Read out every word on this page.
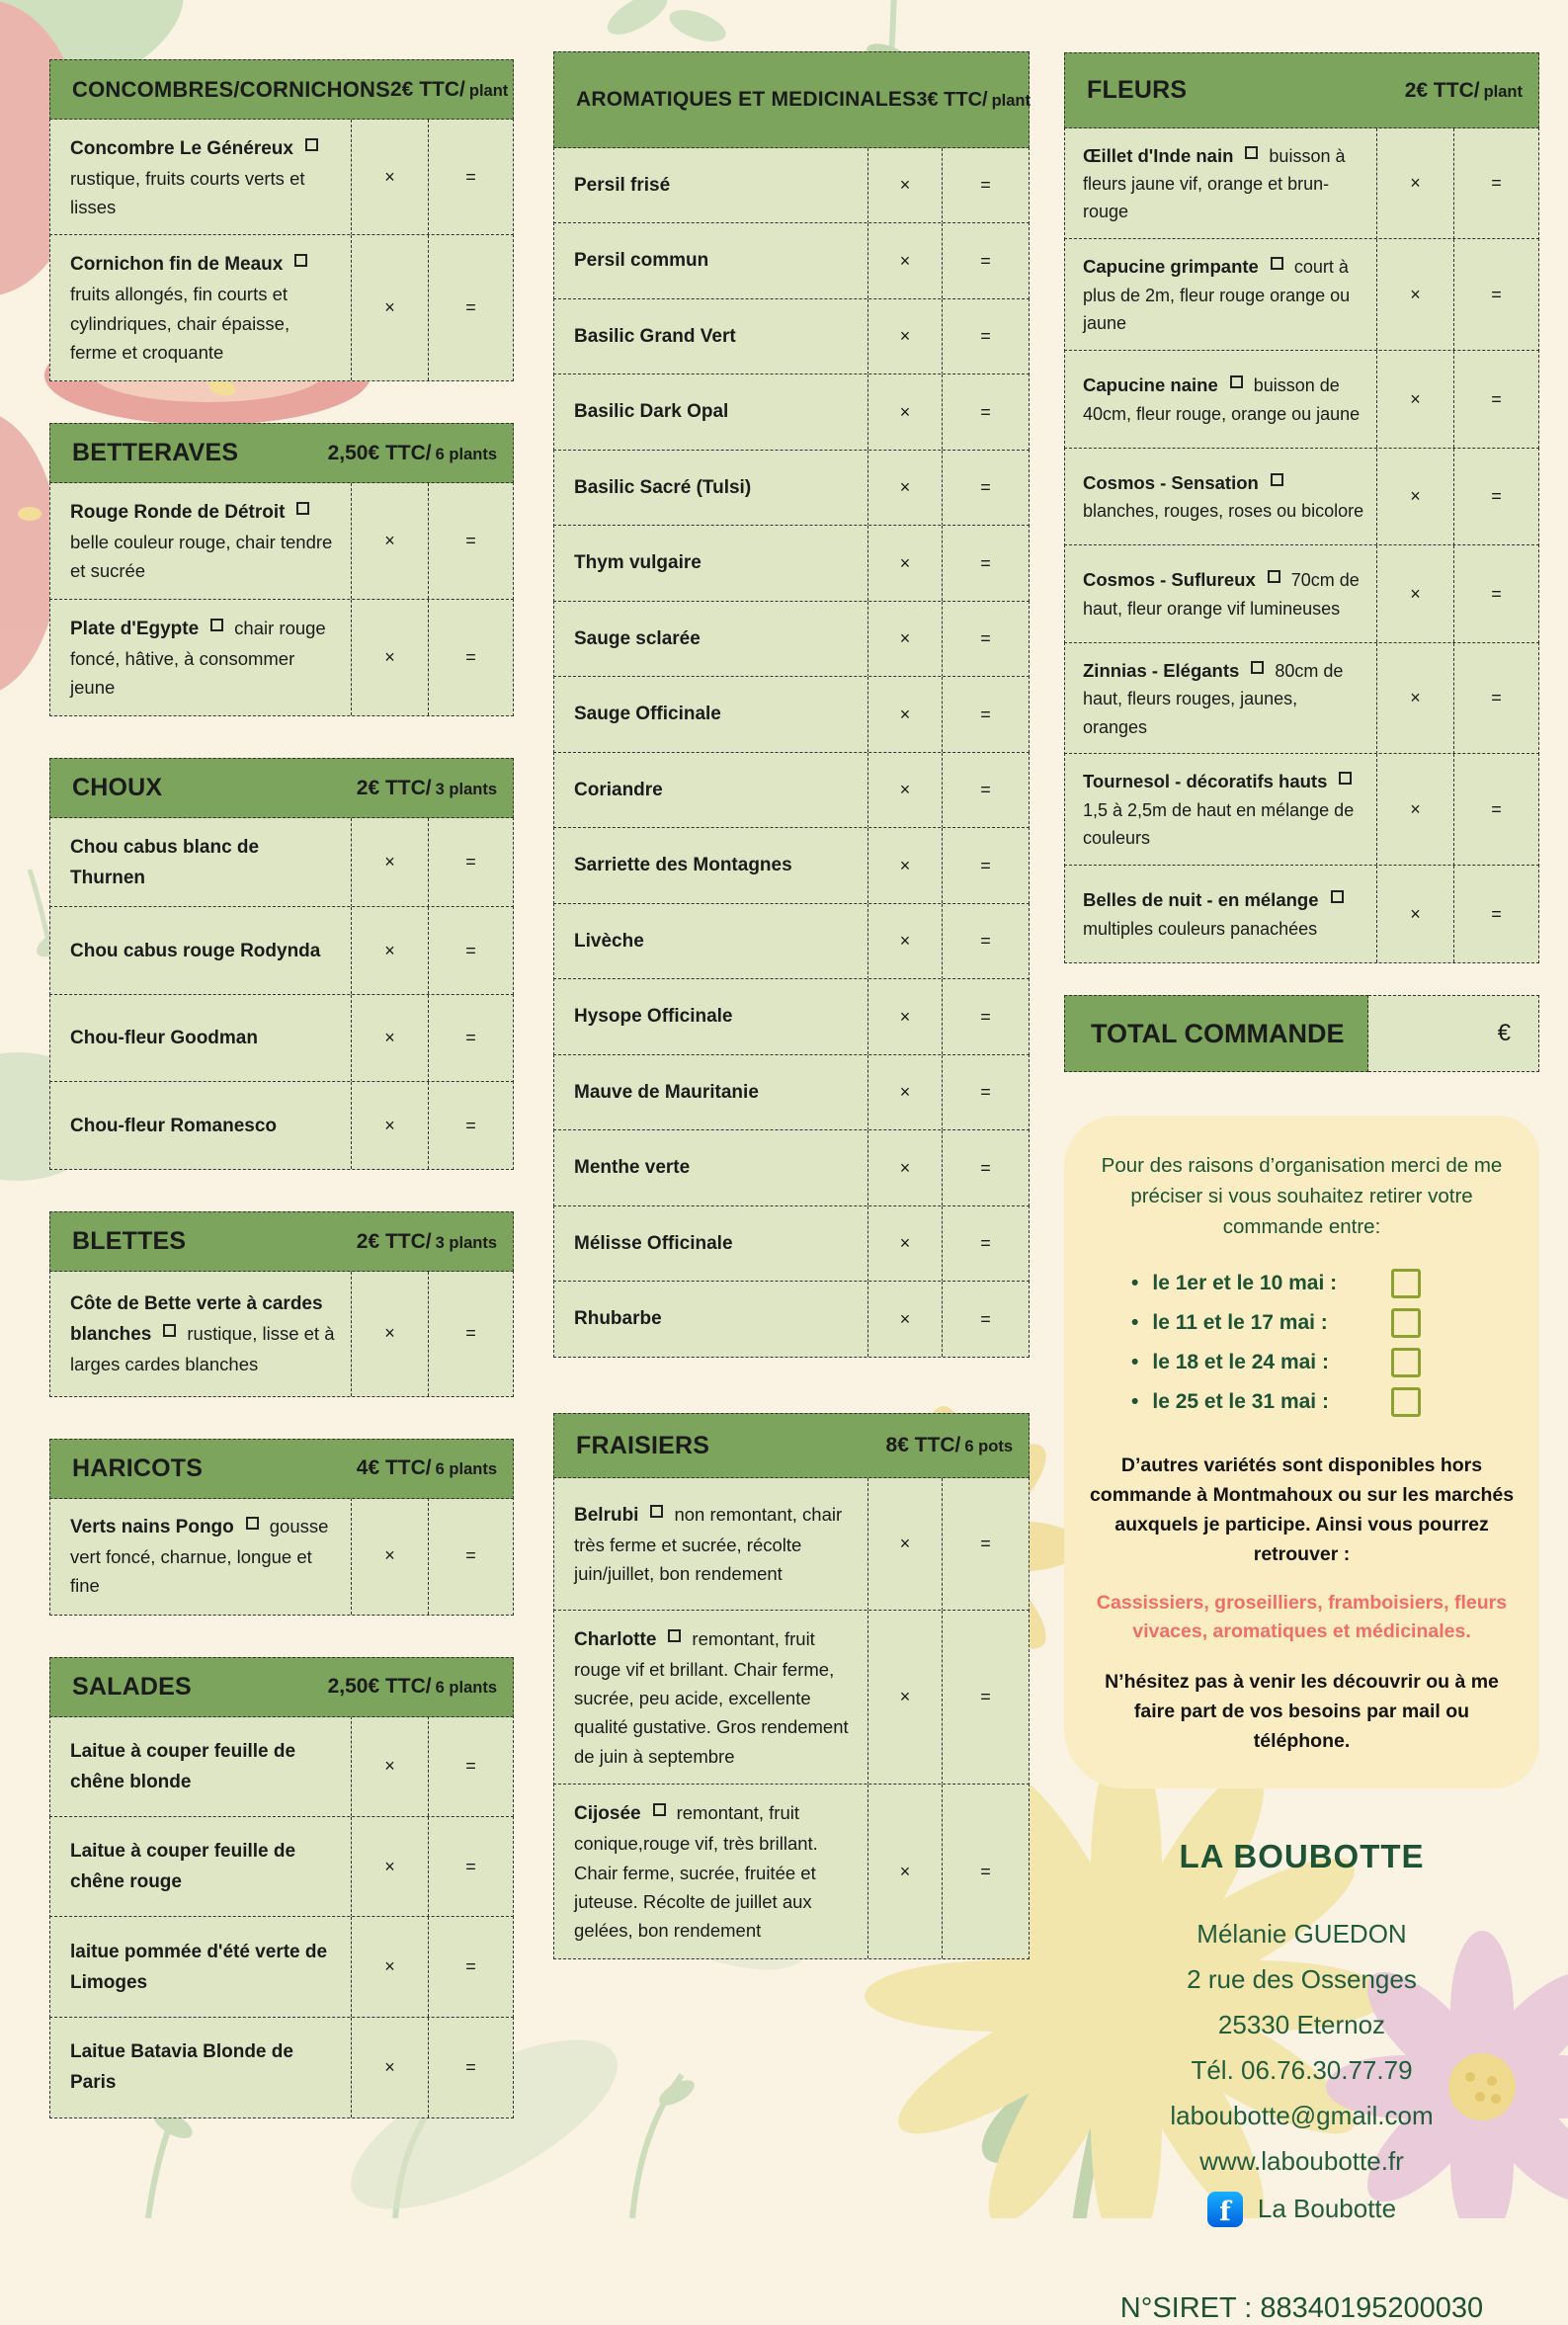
CONCOMBRES/CORNICHONS 2€ TTC/ plant
Concombre Le Généreuxrustique, fruits courts verts et lisses
×	=
Cornichon fin de Meauxfruits allongés, fin courts et cylindriques, chair épaisse, ferme et croquante
×	=
BETTERAVES	2,50€ TTC/ 6 plants
Rouge Ronde de Détroitbelle couleur rouge, chair tendre et sucrée
×	=
Plate d'Egypte chair rouge foncé, hâtive, à consommer jeune
×	=
CHOUX	2€ TTC/ 3 plants
Chou cabus blanc de Thurnen
×	=
Chou cabus rouge Rodynda	×	=
Chou-fleur Goodman	×	=
Chou-fleur Romanesco	×	=
BLETTES	2€ TTC/ 3 plants
Côte de Bette verte à cardes blanches rustique, lisse et à larges cardes blanches
×	=
HARICOTS	4€ TTC/ 6 plants
Verts nains Pongo gousse vert foncé, charnue, longue et fine
×	=
SALADES	2,50€ TTC/ 6 plants
Laitue à couper feuille de chêne blonde
×	=
Laitue à couper feuille de chêne rouge
×	=
laitue pommée d'été verte de Limoges
×	=
Laitue Batavia Blonde de Paris
×	=
AROMATIQUES ET MEDICINALES 3€ TTC/ plant
Persil frisé	×	=
Persil commun	×	=
Basilic Grand Vert	×	=
Basilic Dark Opal	×	=
Basilic Sacré (Tulsi)	×	=
Thym vulgaire	×	=
Sauge sclarée	×	=
Sauge Officinale	×	=
Coriandre	×	=
Sarriette des Montagnes	×	=
Livèche	×	=
Hysope Officinale	×	=
Mauve de Mauritanie	×	=
Menthe verte	×	=
Mélisse Officinale	×	=
Rhubarbe	×	=
FRAISIERS	8€ TTC/ 6 pots
Belrubi non remontant, chair très ferme et sucrée, récolte juin/juillet, bon rendement
×	=
Charlotte remontant, fruit rouge vif et brillant. Chair ferme, sucrée, peu acide, excellente qualité gustative. Gros rendement de juin à septembre
×	=
Cijosée remontant, fruit conique,rouge vif, très brillant. Chair ferme, sucrée, fruitée et juteuse. Récolte de juillet aux gelées, bon rendement
×	=
FLEURS	2€ TTC/ plant
Œillet d'Inde nain buisson à fleurs jaune vif, orange et brun-rouge
×	=
Capucine grimpante court à plus de 2m, fleur rouge orange ou jaune
×	=
Capucine naine buisson de 40cm, fleur rouge, orange ou jaune
×	=
Cosmos - Sensationblanches, rouges, roses ou bicolore
×	=
Cosmos - Suflureux 70cm de haut, fleur orange vif lumineuses
×	=
Zinnias - Elégants 80cm de haut, fleurs rouges, jaunes, oranges
×	=
Tournesol - décoratifs hauts1,5 à 2,5m de haut en mélange de couleurs
×	=
Belles de nuit - en mélangemultiples couleurs panachées
×	=
TOTAL COMMANDE	€
Pour des raisons d’organisation merci de me préciser si vous souhaitez retirer votre commande entre:
• le 1er et le 10 mai :
• le 11 et le 17 mai :
• le 18 et le 24 mai :
• le 25 et le 31 mai :
D’autres variétés sont disponibles hors commande à Montmahoux ou sur les marchés auxquels je participe. Ainsi vous pourrez retrouver :
Cassissiers, groseilliers, framboisiers, fleurs vivaces, aromatiques et médicinales.
N’hésitez pas à venir les découvrir ou à me faire part de vos besoins par mail ou téléphone.
LA BOUBOTTE
Mélanie GUEDON
2 rue des Ossenges
25330 Eternoz
Tél. 06.76.30.77.79
laboubotte@gmail.com
www.laboubotte.fr
f	La Boubotte
N°SIRET : 88340195200030
